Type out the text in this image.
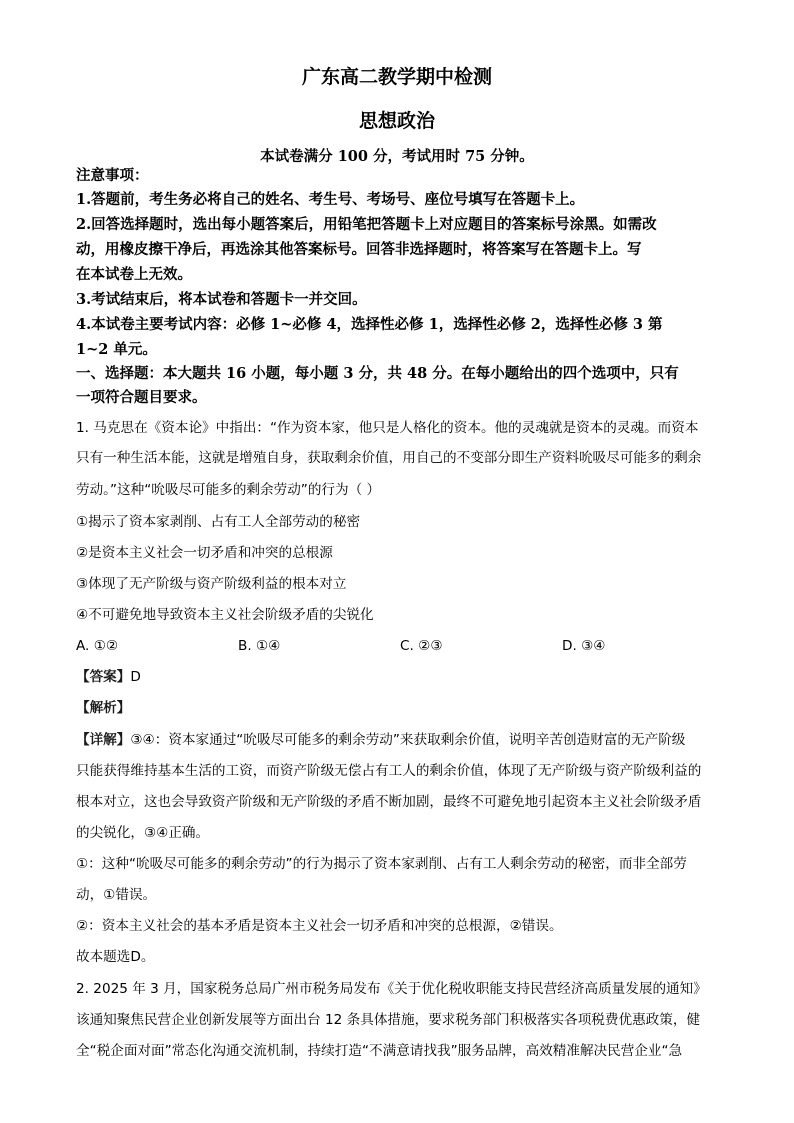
广东高二教学期中检测
思想政治
本试卷满分 100 分，考试用时 75 分钟。
注意事项：
1.答题前，考生务必将自己的姓名、考生号、考场号、座位号填写在答题卡上。
2.回答选择题时，选出每小题答案后，用铅笔把答题卡上对应题目的答案标号涂黑。如需改
动，用橡皮擦干净后，再选涂其他答案标号。回答非选择题时，将答案写在答题卡上。写
在本试卷上无效。
3.考试结束后，将本试卷和答题卡一并交回。
4.本试卷主要考试内容：必修 1~必修 4，选择性必修 1，选择性必修 2，选择性必修 3 第
1~2 单元。
一、选择题：本大题共 16 小题，每小题 3 分，共 48 分。在每小题给出的四个选项中，只有
一项符合题目要求。
1. 马克思在《资本论》中指出：“作为资本家，他只是人格化的资本。他的灵魂就是资本的灵魂。而资本
只有一种生活本能，这就是增殖自身，获取剩余价值，用自己的不变部分即生产资料吮吸尽可能多的剩余
劳动。”这种“吮吸尽可能多的剩余劳动”的行为（ ）
①揭示了资本家剥削、占有工人全部劳动的秘密
②是资本主义社会一切矛盾和冲突的总根源
③体现了无产阶级与资产阶级利益的根本对立
④不可避免地导致资本主义社会阶级矛盾的尖锐化
A. ①②	B. ①④	C. ②③	D. ③④
【答案】D
【解析】
【详解】③④：资本家通过“吮吸尽可能多的剩余劳动”来获取剩余价值，说明辛苦创造财富的无产阶级
只能获得维持基本生活的工资，而资产阶级无偿占有工人的剩余价值，体现了无产阶级与资产阶级利益的
根本对立，这也会导致资产阶级和无产阶级的矛盾不断加剧，最终不可避免地引起资本主义社会阶级矛盾
的尖锐化，③④正确。
①：这种“吮吸尽可能多的剩余劳动”的行为揭示了资本家剥削、占有工人剩余劳动的秘密，而非全部劳
动，①错误。
②：资本主义社会的基本矛盾是资本主义社会一切矛盾和冲突的总根源，②错误。
故本题选D。
2. 2025 年 3 月，国家税务总局广州市税务局发布《关于优化税收职能支持民营经济高质量发展的通知》
该通知聚焦民营企业创新发展等方面出台 12 条具体措施，要求税务部门积极落实各项税费优惠政策，健
全“税企面对面”常态化沟通交流机制，持续打造“不满意请找我”服务品牌，高效精准解决民营企业“急
